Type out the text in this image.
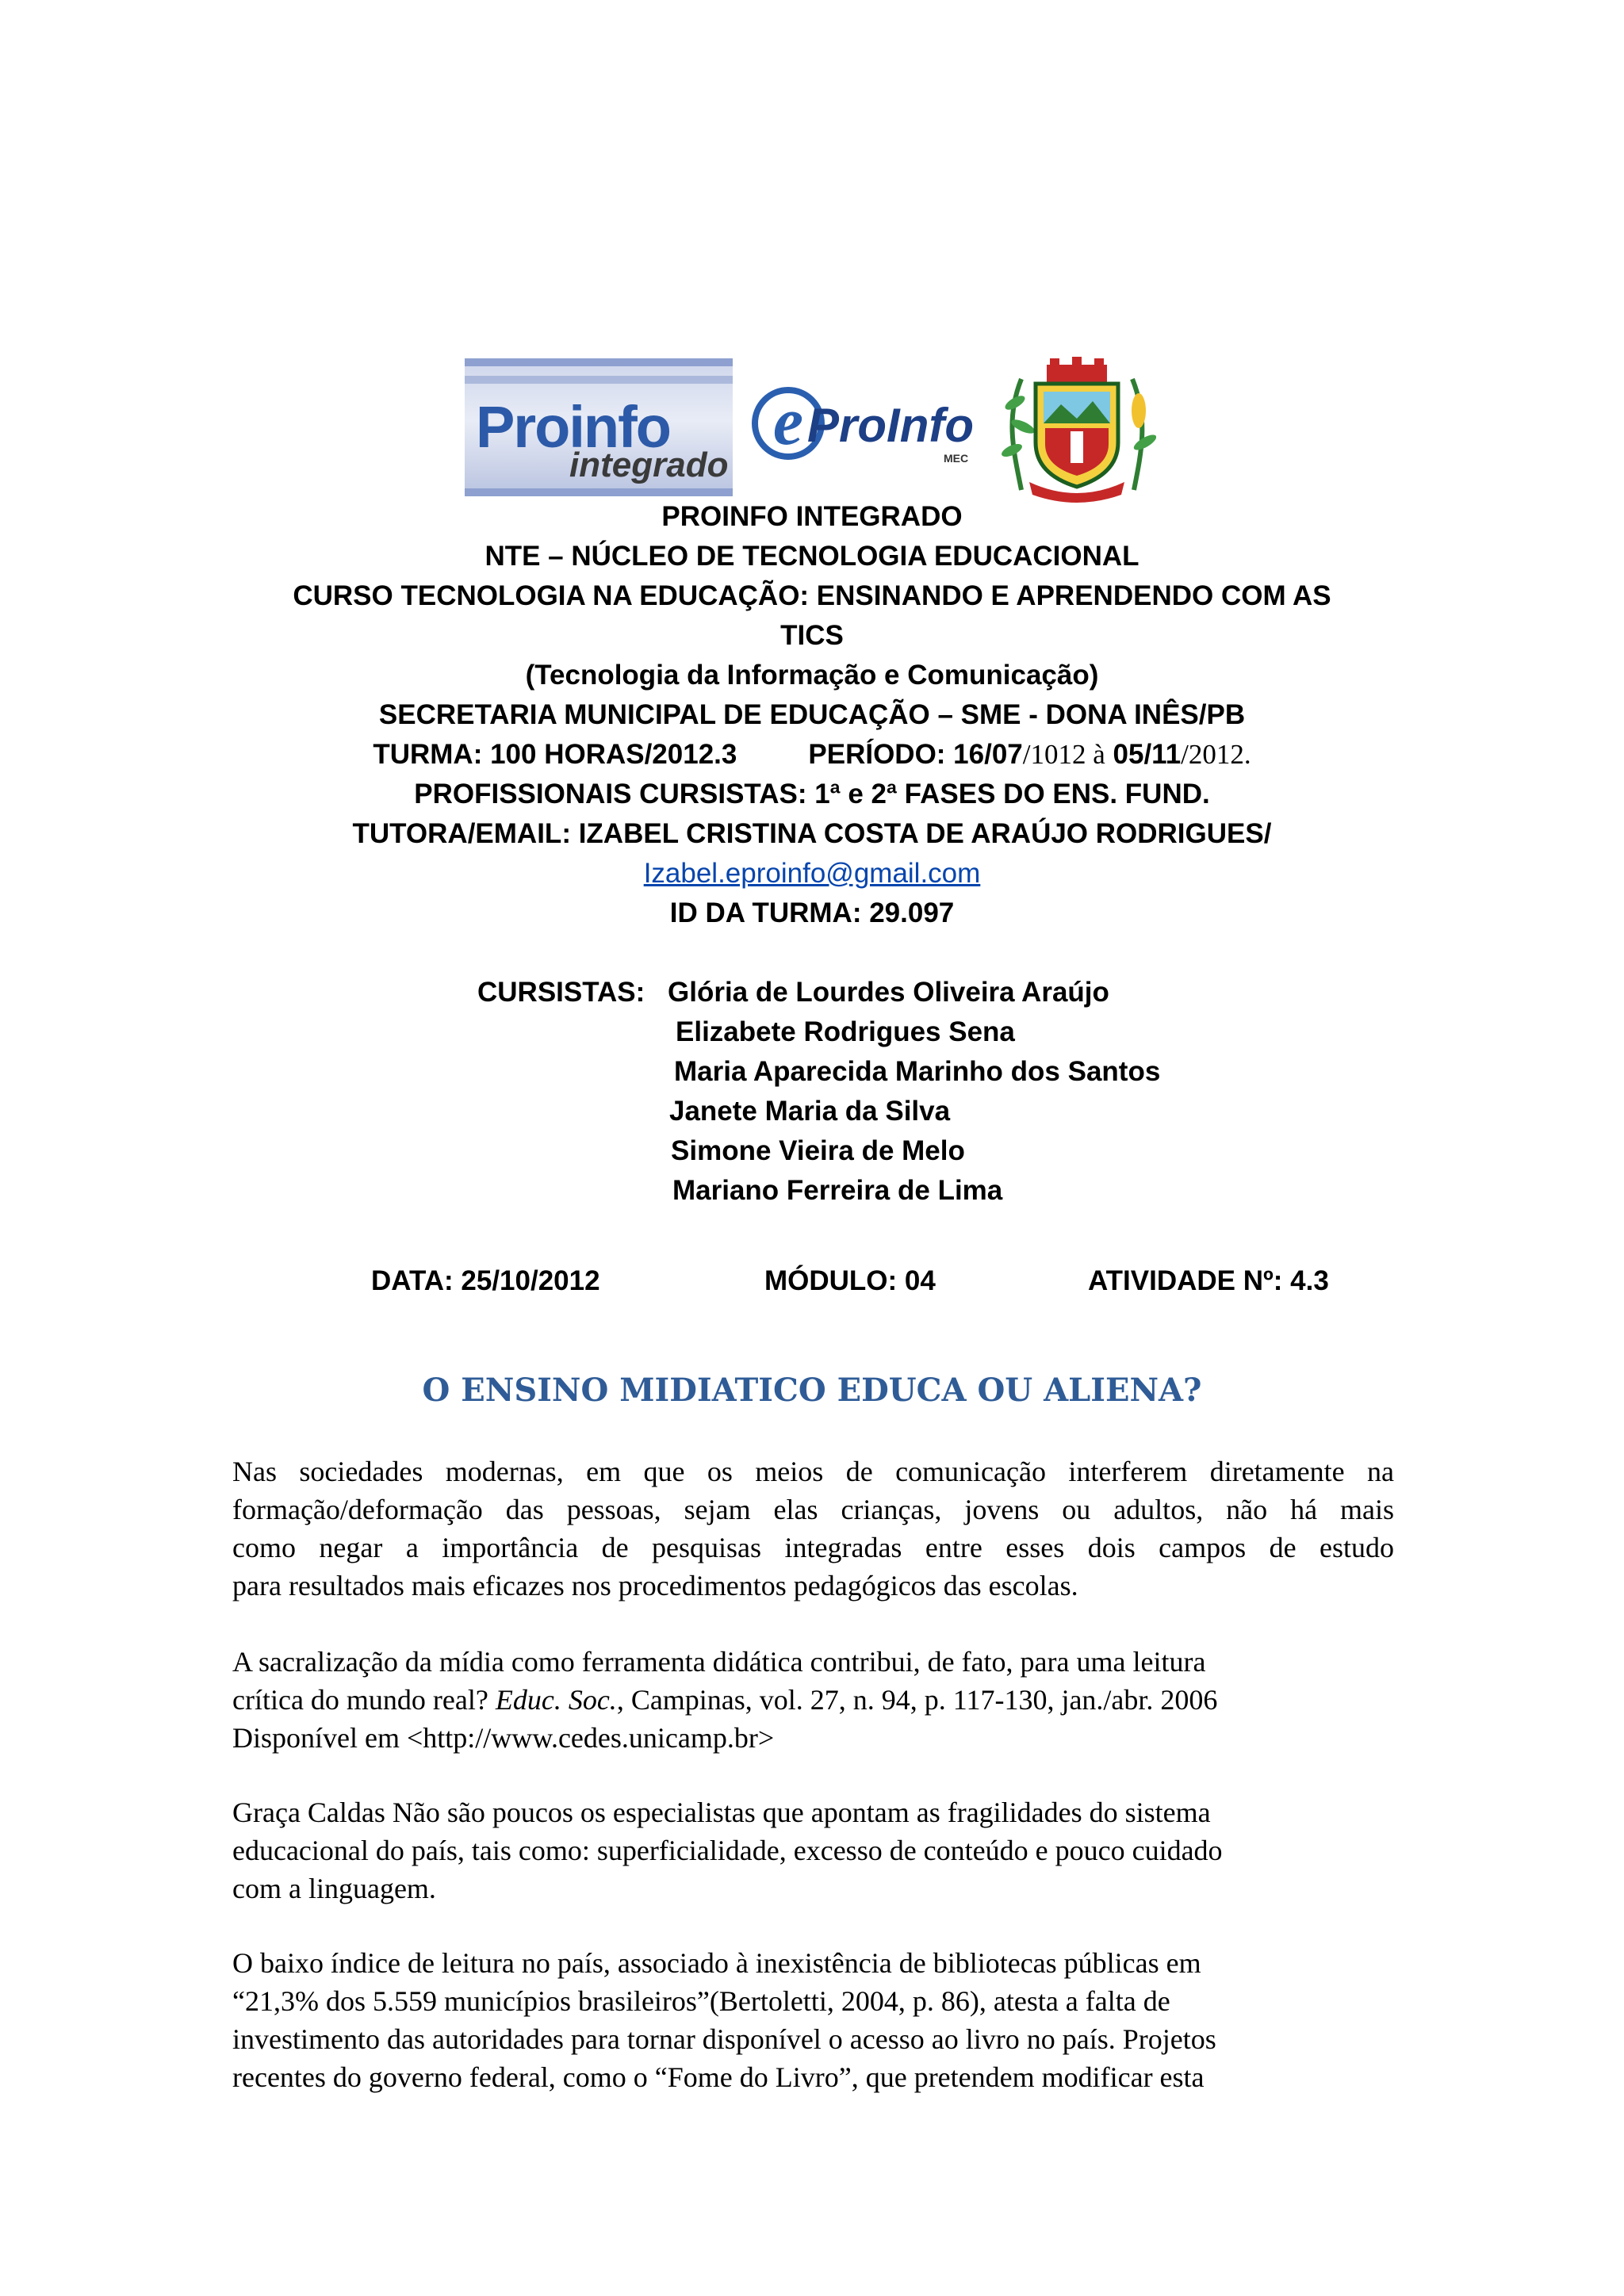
Proinfo
integrado
e ProInfo
MEC
PROINFO INTEGRADO
NTE – NÚCLEO DE TECNOLOGIA EDUCACIONAL
CURSO TECNOLOGIA NA EDUCAÇÃO: ENSINANDO E APRENDENDO COM AS
TICS
(Tecnologia da Informação e Comunicação)
SECRETARIA MUNICIPAL DE EDUCAÇÃO – SME - DONA INÊS/PB
TURMA: 100 HORAS/2012.3	PERÍODO: 16/07/1012 à 05/11/2012.
PROFISSIONAIS CURSISTAS: 1ª e 2ª FASES DO ENS. FUND.
TUTORA/EMAIL: IZABEL CRISTINA COSTA DE ARAÚJO RODRIGUES/
Izabel.eproinfo@gmail.com
ID DA TURMA: 29.097
CURSISTAS: Glória de Lourdes Oliveira Araújo
Elizabete Rodrigues Sena
Maria Aparecida Marinho dos Santos
Janete Maria da Silva
Simone Vieira de Melo
Mariano Ferreira de Lima
DATA: 25/10/2012	MÓDULO: 04	ATIVIDADE Nº: 4.3
O ENSINO MIDIATICO EDUCA OU ALIENA?
Nas sociedades modernas, em que os meios de comunicação interferem diretamente na
formação/deformação das pessoas, sejam elas crianças, jovens ou adultos, não há mais
como negar a importância de pesquisas integradas entre esses dois campos de estudo
para resultados mais eficazes nos procedimentos pedagógicos das escolas.
A sacralização da mídia como ferramenta didática contribui, de fato, para uma leitura
crítica do mundo real? Educ. Soc., Campinas, vol. 27, n. 94, p. 117-130, jan./abr. 2006
Disponível em <http://www.cedes.unicamp.br>
Graça Caldas Não são poucos os especialistas que apontam as fragilidades do sistema
educacional do país, tais como: superficialidade, excesso de conteúdo e pouco cuidado
com a linguagem.
O baixo índice de leitura no país, associado à inexistência de bibliotecas públicas em
“21,3% dos 5.559 municípios brasileiros”(Bertoletti, 2004, p. 86), atesta a falta de
investimento das autoridades para tornar disponível o acesso ao livro no país. Projetos
recentes do governo federal, como o “Fome do Livro”, que pretendem modificar esta
